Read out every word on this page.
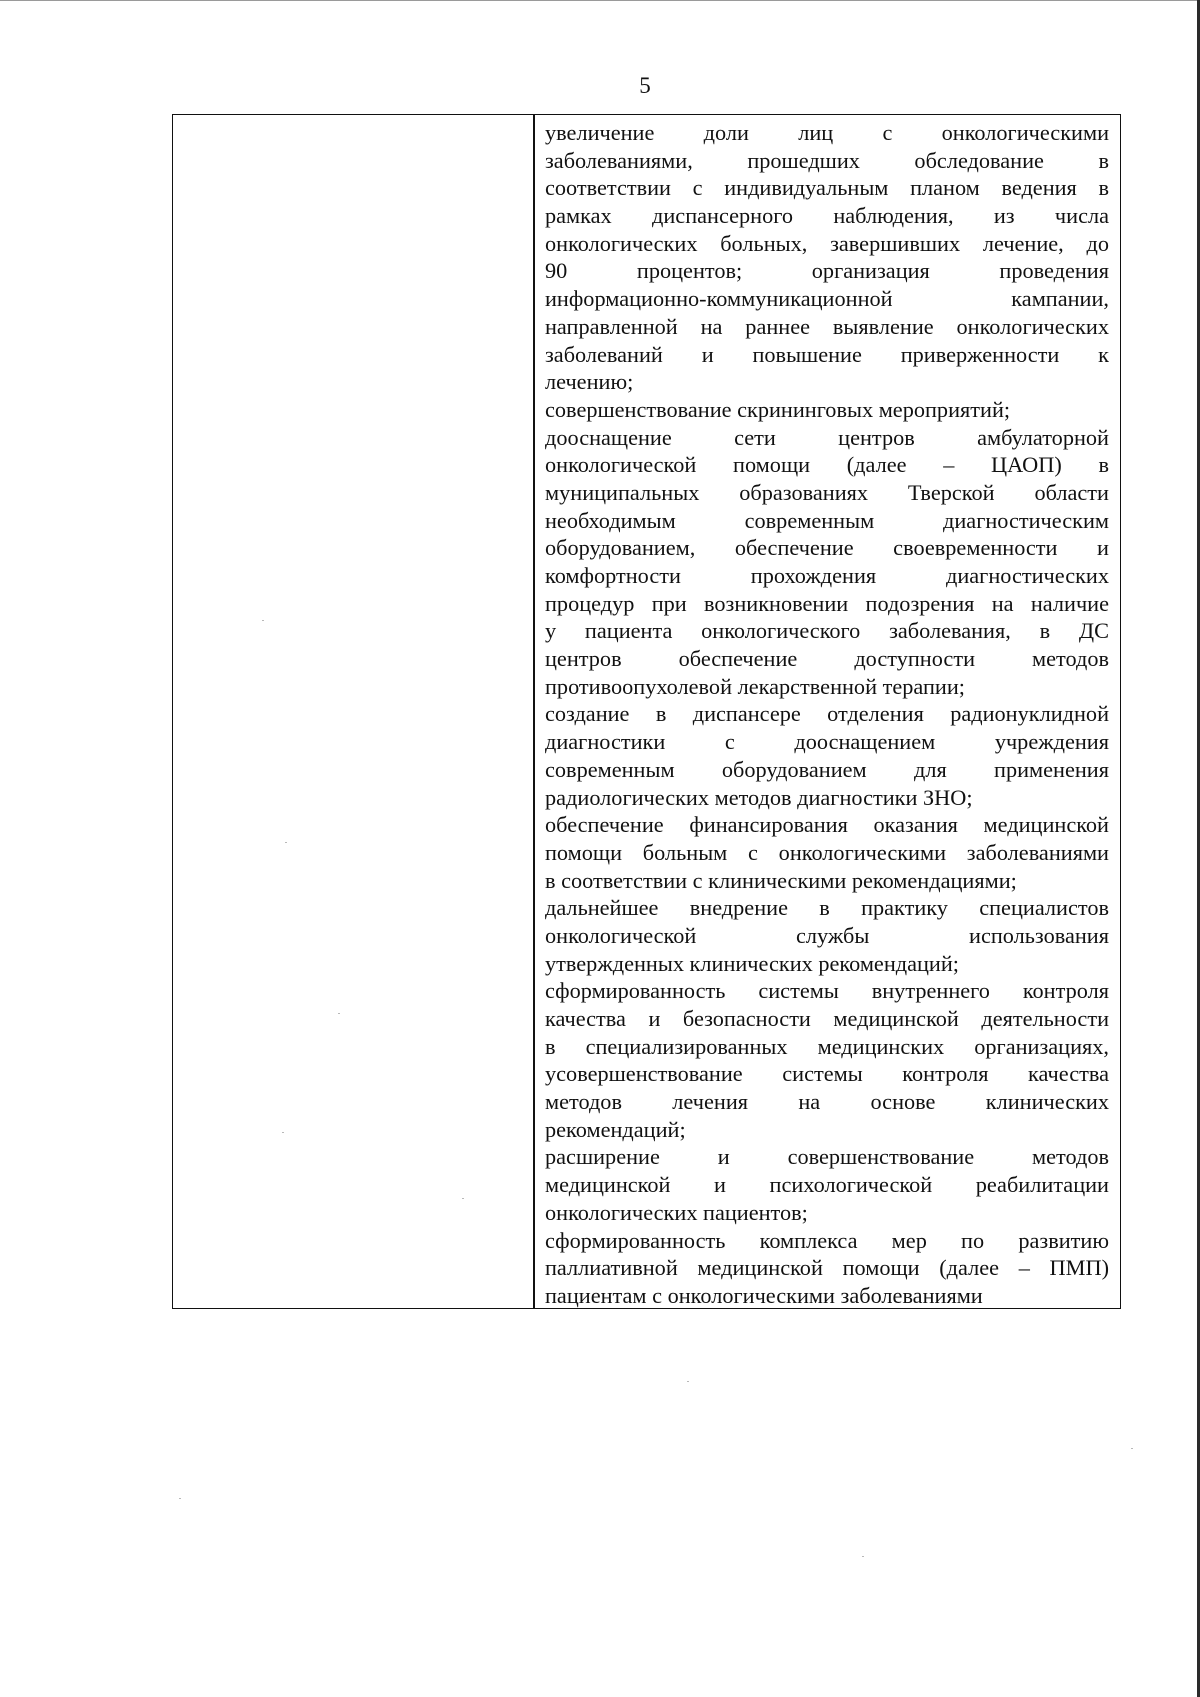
5
увеличение доли лиц с онкологическими
заболеваниями, прошедших обследование в
соответствии с индивидуальным планом ведения в
рамках диспансерного наблюдения, из числа
онкологических больных, завершивших лечение, до
90 процентов; организация проведения
информационно-коммуникационной кампании,
направленной на раннее выявление онкологических
заболеваний и повышение приверженности к
лечению;
совершенствование скрининговых мероприятий;
дооснащение сети центров амбулаторной
онкологической помощи (далее – ЦАОП) в
муниципальных образованиях Тверской области
необходимым современным диагностическим
оборудованием, обеспечение своевременности и
комфортности прохождения диагностических
процедур при возникновении подозрения на наличие
у пациента онкологического заболевания, в ДС
центров обеспечение доступности методов
противоопухолевой лекарственной терапии;
создание в диспансере отделения радионуклидной
диагностики с дооснащением учреждения
современным оборудованием для применения
радиологических методов диагностики ЗНО;
обеспечение финансирования оказания медицинской
помощи больным с онкологическими заболеваниями
в соответствии с клиническими рекомендациями;
дальнейшее внедрение в практику специалистов
онкологической службы использования
утвержденных клинических рекомендаций;
сформированность системы внутреннего контроля
качества и безопасности медицинской деятельности
в специализированных медицинских организациях,
усовершенствование системы контроля качества
методов лечения на основе клинических
рекомендаций;
расширение и совершенствование методов
медицинской и психологической реабилитации
онкологических пациентов;
сформированность комплекса мер по развитию
паллиативной медицинской помощи (далее – ПМП)
пациентам с онкологическими заболеваниями
